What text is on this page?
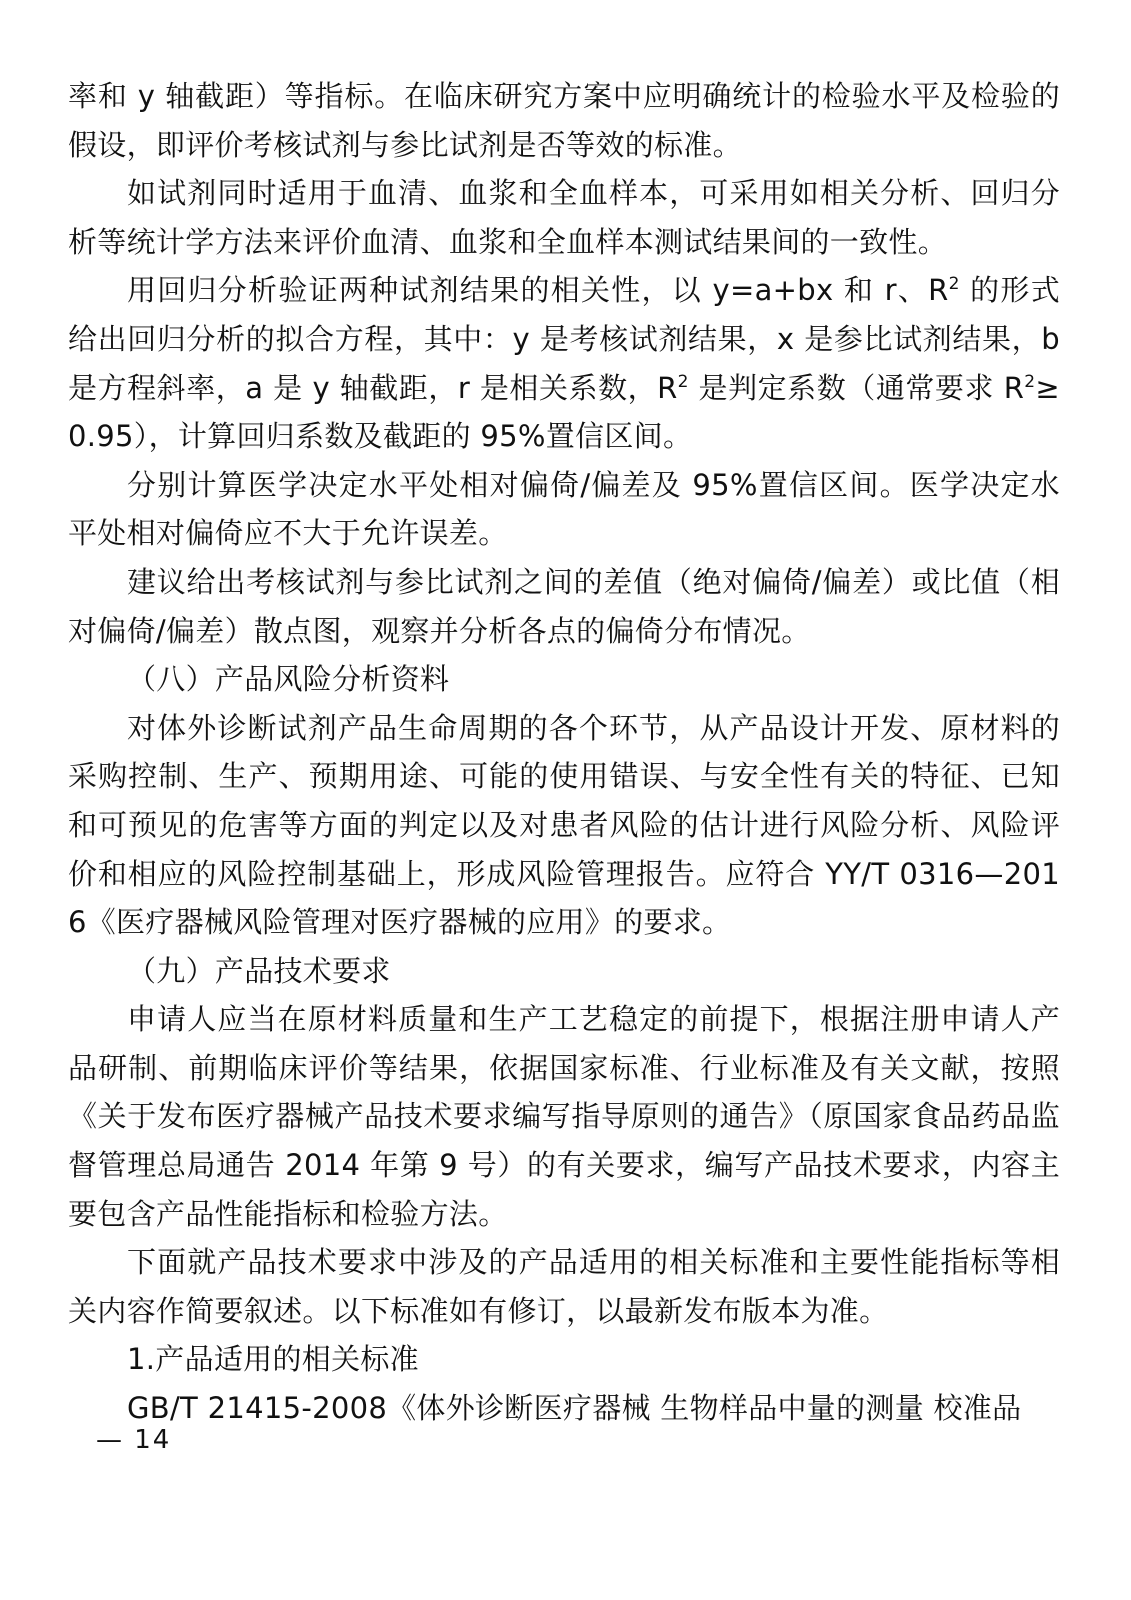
率和 y 轴截距）等指标。在临床研究方案中应明确统计的检验水平及检验的假设，即评价考核试剂与参比试剂是否等效的标准。

如试剂同时适用于血清、血浆和全血样本，可采用如相关分析、回归分析等统计学方法来评价血清、血浆和全血样本测试结果间的一致性。

用回归分析验证两种试剂结果的相关性，以 y=a+bx 和 r、$R^2$ 的形式给出回归分析的拟合方程，其中：y 是考核试剂结果，x 是参比试剂结果，b 是方程斜率，a 是 y 轴截距，r 是相关系数，$R^2$ 是判定系数（通常要求 $R^2\ge 0.95$），计算回归系数及截距的 95%置信区间。

分别计算医学决定水平处相对偏倚/偏差及 95%置信区间。医学决定水平处相对偏倚应不大于允许误差。

建议给出考核试剂与参比试剂之间的差值（绝对偏倚/偏差）或比值（相对偏倚/偏差）散点图，观察并分析各点的偏倚分布情况。

（八）产品风险分析资料

对体外诊断试剂产品生命周期的各个环节，从产品设计开发、原材料的采购控制、生产、预期用途、可能的使用错误、与安全性有关的特征、已知和可预见的危害等方面的判定以及对患者风险的估计进行风险分析、风险评价和相应的风险控制基础上，形成风险管理报告。应符合 YY/T 0316—2016《医疗器械风险管理对医疗器械的应用》的要求。

（九）产品技术要求

申请人应当在原材料质量和生产工艺稳定的前提下，根据注册申请人产品研制、前期临床评价等结果，依据国家标准、行业标准及有关文献，按照《关于发布医疗器械产品技术要求编写指导原则的通告》（原国家食品药品监督管理总局通告 2014 年第 9 号）的有关要求，编写产品技术要求，内容主要包含产品性能指标和检验方法。

下面就产品技术要求中涉及的产品适用的相关标准和主要性能指标等相关内容作简要叙述。以下标准如有修订，以最新发布版本为准。

1.产品适用的相关标准

GB/T 21415-2008《体外诊断医疗器械 生物样品中量的测量 校准品

— 14
